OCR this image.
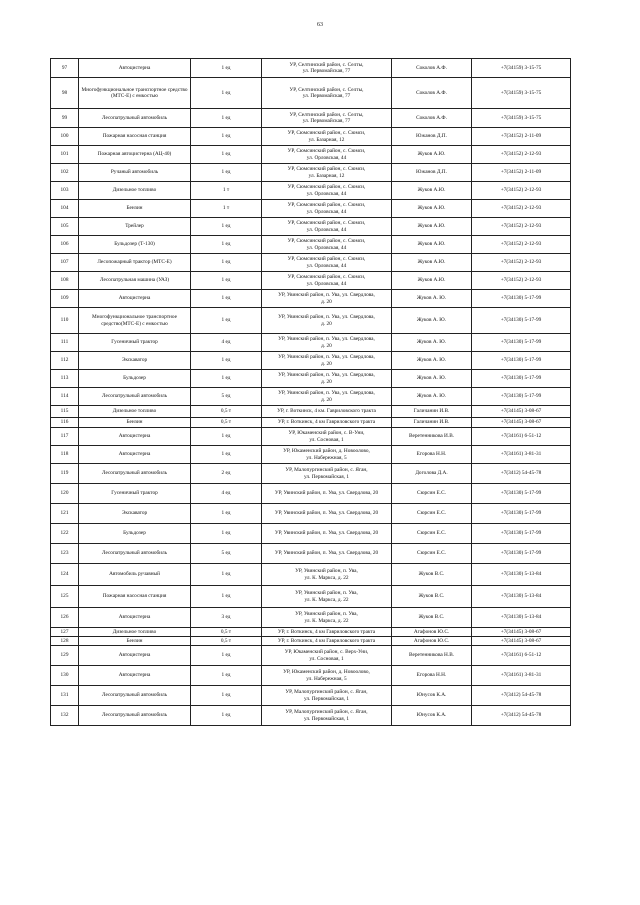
63
97	Автоцистерна	1 ед	УР, Селтинский район, с. Селты,
ул. Первомайская, 77	Соколов А.Ф.	+7(34159) 3-15-75
98	Многофункциональное транспортное средство (МТС-Е) с емкостью	1 ед	УР, Селтинский район, с. Селты,
ул. Первомайская, 77	Соколов А.Ф.	+7(34159) 3-15-75
99	Лесопатрульный автомобиль	1 ед	УР, Селтинский район, с. Селты,
ул. Первомайская, 77	Соколов А.Ф.	+7(34159) 3-15-75
100	Пожарная насосная станция	1 ед	УР, Сюмсинский район, с. Сюмси,
ул. Базарная, 12	Южанов Д.П.	+7(34152) 2-11-09
101	Пожарная автоцистерна (АЦ-40)	1 ед	УР, Сюмсинский район, с. Сюмси,
ул. Орловская, 44	Жуков А.Ю.	+7(34152) 2-12-93
102	Ручаный автомобиль	1 ед	УР, Сюмсинский район, с. Сюмси,
ул. Базарная, 12	Южанов Д.П.	+7(34152) 2-11-09
103	Дизельное топливо	1 т	УР, Сюмсинский район, с. Сюмси,
ул. Орловская, 44	Жуков А.Ю.	+7(34152) 2-12-93
104	Бензин	1 т	УР, Сюмсинский район, с. Сюмси,
ул. Орловская, 44	Жуков А.Ю.	+7(34152) 2-12-93
105	Трейлер	1 ед	УР, Сюмсинский район, с. Сюмси,
ул. Орловская, 44	Жуков А.Ю.	+7(34152) 2-12-93
106	Бульдозер (Т-130)	1 ед	УР, Сюмсинский район, с. Сюмси,
ул. Орловская, 44	Жуков А.Ю.	+7(34152) 2-12-93
107	Лесопожарный трактор (МТС-Е)	1 ед	УР, Сюмсинский район, с. Сюмси,
ул. Орловская, 44	Жуков А.Ю.	+7(34152) 2-12-93
108	Лесопатрульная машина (УАЗ)	1 ед	УР, Сюмсинский район, с. Сюмси,
ул. Орловская, 44	Жуков А.Ю.	+7(34152) 2-12-93
109	Автоцистерна	1 ед	УР, Увинский район, п. Ува, ул. Свердлова,
д. 20	Жуков А. Ю.	+7(34130) 5-17-99
110	Многофункциональное транспортное средство(МТС-Е) с емкостью	1 ед	УР, Увинский район, п. Ува, ул. Свердлова,
д. 20	Жуков А. Ю.	+7(34130) 5-17-99
111	Гусеничный трактор	4 ед	УР, Увинский район, п. Ува, ул. Свердлова,
д. 20	Жуков А. Ю.	+7(34130) 5-17-99
112	Экскаватор	1 ед	УР, Увинский район, п. Ува, ул. Свердлова,
д. 20	Жуков А. Ю.	+7(34130) 5-17-99
113	Бульдозер	1 ед	УР, Увинский район, п. Ува, ул. Свердлова,
д. 20	Жуков А. Ю.	+7(34130) 5-17-99
114	Лесопатрульный автомобиль	5 ед	УР, Увинский район, п. Ува, ул. Свердлова,
д. 20	Жуков А. Ю.	+7(34130) 5-17-99
115	Дизельное топливо	0,5 т	УР, г. Воткинск, 4 км. Гавриловского тракта	Галичанин И.В.	+7(34145) 3-08-67
116	Бензин	0,5 т	УР, г. Воткинск, 4 км Гавриловского тракта	Галичанин И.В.	+7(34145) 3-08-67
117	Автоцистерна	1 ед	УР, Юкаменский район, с. В-Уни,
ул. Сосновая, 1	Веретенникова И.В.	+7(34161) 6-51-12
118	Автоцистерна	1 ед	УР, Юкаменский район, д. Новоолово,
ул. Набережная, 5	Егорова Н.Н.	+7(34161) 3-81-31
119	Лесопатрульный автомобиль	2 ед	УР, Малопургинский район, с. Яган,
ул. Первомайская, 1	Доголова Д.А.	+7(3412) 54-45-78
120	Гусеничный трактор	4 ед	УР, Увинский район, п. Ува, ул. Свердлова, 20	Сюрсин Е.С.	+7(34130) 5-17-99
121	Экскаватор	1 ед	УР, Увинский район, п. Ува, ул. Свердлова, 20	Сюрсин Е.С.	+7(34130) 5-17-99
122	Бульдозер	1 ед	УР, Увинский район, п. Ува, ул. Свердлова, 20	Сюрсин Е.С.	+7(34130) 5-17-99
123	Лесопатрульный автомобиль	5 ед	УР, Увинский район, п. Ува, ул. Свердлова, 20	Сюрсин Е.С.	+7(34130) 5-17-99
124	Автомобиль ручавный	1 ед	УР, Увинский район, п. Ува,
ул. К. Маркса, д. 22	Жуков В.С.	+7(34130) 5-13-84
125	Пожарная насосная станция	1 ед	УР, Увинский район, п. Ува,
ул. К. Маркса, д. 22	Жуков В.С.	+7(34130) 5-13-84
126	Автоцистерна	3 ед	УР, Увинский район, п. Ува,
ул. К. Маркса, д. 22	Жуков В.С.	+7(34130) 5-13-84
127	Дизельное топливо	0,5 т	УР, г. Воткинск, 4 км Гавриловского тракта	Агафонов Ю.С.	+7(34145) 3-08-67
128	Бензин	0,5 т	УР, г. Воткинск, 4 км Гавриловского тракта	Агафонов Ю.С.	+7(34145) 3-08-67
129	Автоцистерна	1 ед	УР, Юкаменский район, с. Верх-Уни,
ул. Сосновая, 1	Веретенникова Н.В.	+7(34161) 6-51-12
130	Автоцистерна	1 ед	УР, Юкаменский район, д. Новоолово,
ул. Набережная, 5	Егорова Н.Н.	+7(34161) 3-81-31
131	Лесопатрульный автомобиль	1 ед	УР, Малопургинский район, с. Яган,
ул. Первомайская, 1	Юнусов К.А.	+7(3412) 54-45-78
132	Лесопатрульный автомобиль	1 ед	УР, Малопургинский район, с. Яган,
ул. Первомайская, 1	Юнусов К.А.	+7(3412) 54-45-78
